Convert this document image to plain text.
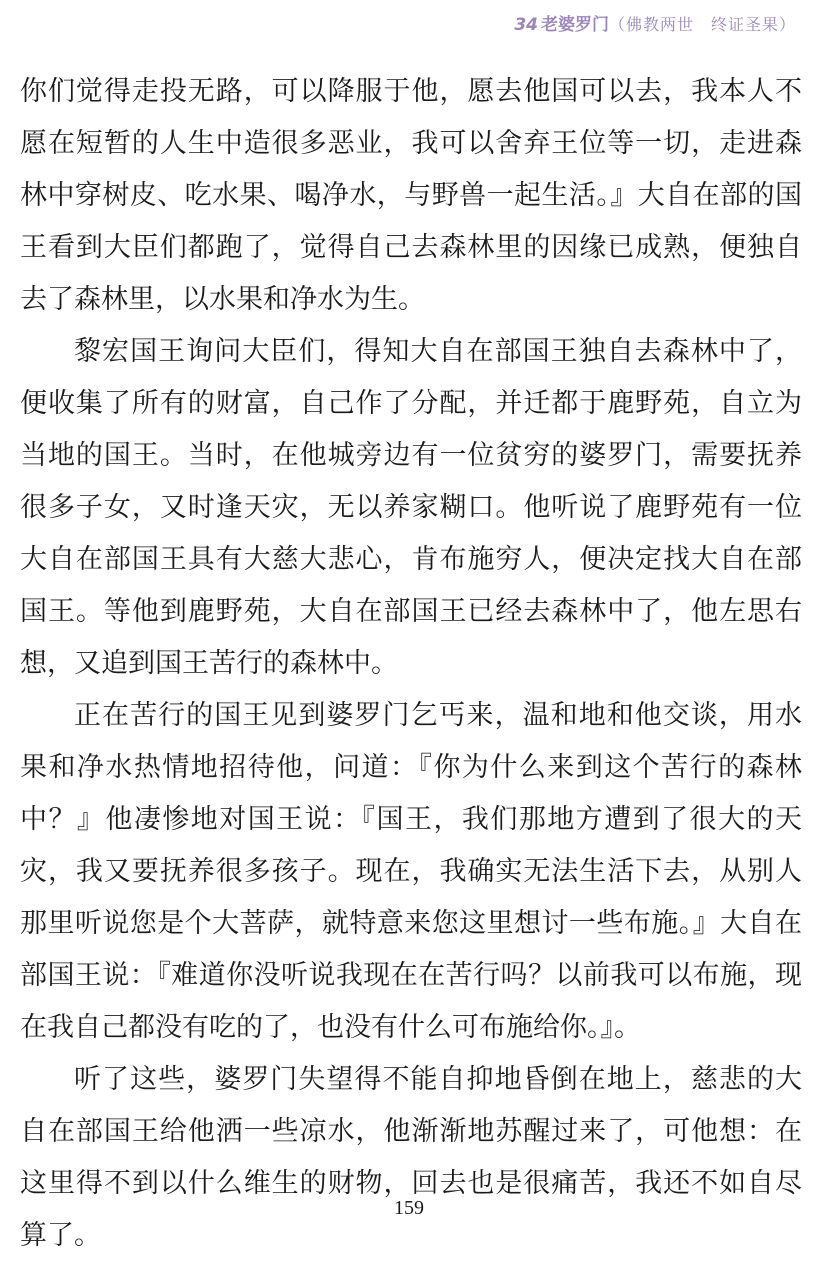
34 老婆罗门（佛教两世　终证圣果）

你们觉得走投无路，可以降服于他，愿去他国可以去，我本人不愿在短暂的人生中造很多恶业，我可以舍弃王位等一切，走进森林中穿树皮、吃水果、喝净水，与野兽一起生活。』大自在部的国王看到大臣们都跑了，觉得自己去森林里的因缘已成熟，便独自去了森林里，以水果和净水为生。

黎宏国王询问大臣们，得知大自在部国王独自去森林中了，便收集了所有的财富，自己作了分配，并迁都于鹿野苑，自立为当地的国王。当时，在他城旁边有一位贫穷的婆罗门，需要抚养很多子女，又时逢天灾，无以养家糊口。他听说了鹿野苑有一位大自在部国王具有大慈大悲心，肯布施穷人，便决定找大自在部国王。等他到鹿野苑，大自在部国王已经去森林中了，他左思右想，又追到国王苦行的森林中。

正在苦行的国王见到婆罗门乞丐来，温和地和他交谈，用水果和净水热情地招待他，问道：『你为什么来到这个苦行的森林中？』他凄惨地对国王说：『国王，我们那地方遭到了很大的天灾，我又要抚养很多孩子。现在，我确实无法生活下去，从别人那里听说您是个大菩萨，就特意来您这里想讨一些布施。』大自在部国王说：『难道你没听说我现在在苦行吗？以前我可以布施，现在我自己都没有吃的了，也没有什么可布施给你。』。

听了这些，婆罗门失望得不能自抑地昏倒在地上，慈悲的大自在部国王给他洒一些凉水，他渐渐地苏醒过来了，可他想：在这里得不到以什么维生的财物，回去也是很痛苦，我还不如自尽算了。

159
